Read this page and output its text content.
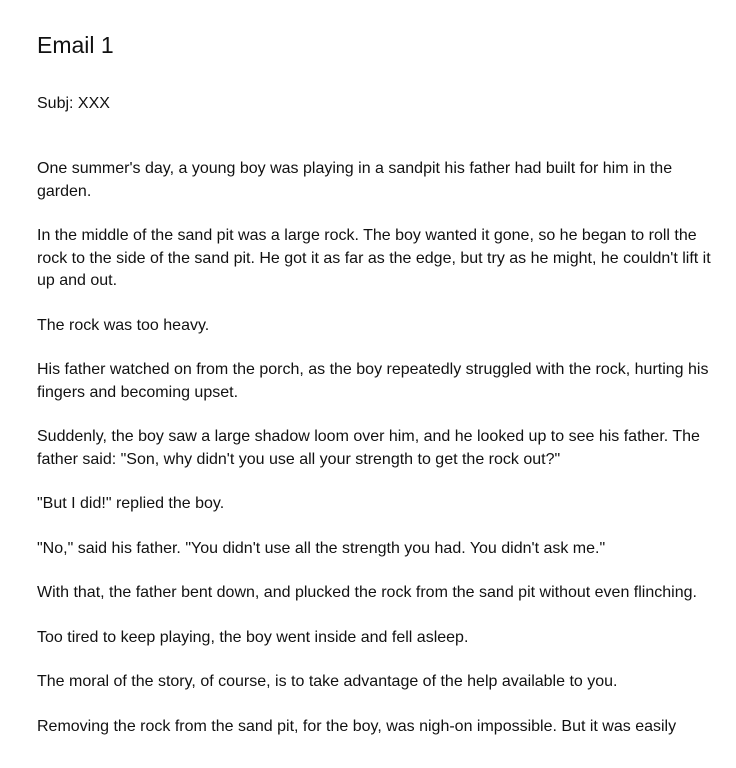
Email 1

Subj: XXX

One summer's day, a young boy was playing in a sandpit his father had built for him in the garden.

In the middle of the sand pit was a large rock. The boy wanted it gone, so he began to roll the rock to the side of the sand pit. He got it as far as the edge, but try as he might, he couldn't lift it up and out.

The rock was too heavy.

His father watched on from the porch, as the boy repeatedly struggled with the rock, hurting his fingers and becoming upset.

Suddenly, the boy saw a large shadow loom over him, and he looked up to see his father. The father said: "Son, why didn't you use all your strength to get the rock out?"

"But I did!" replied the boy.

"No," said his father. "You didn't use all the strength you had. You didn't ask me."

With that, the father bent down, and plucked the rock from the sand pit without even flinching.

Too tired to keep playing, the boy went inside and fell asleep.

The moral of the story, of course, is to take advantage of the help available to you.

Removing the rock from the sand pit, for the boy, was nigh-on impossible. But it was easily
